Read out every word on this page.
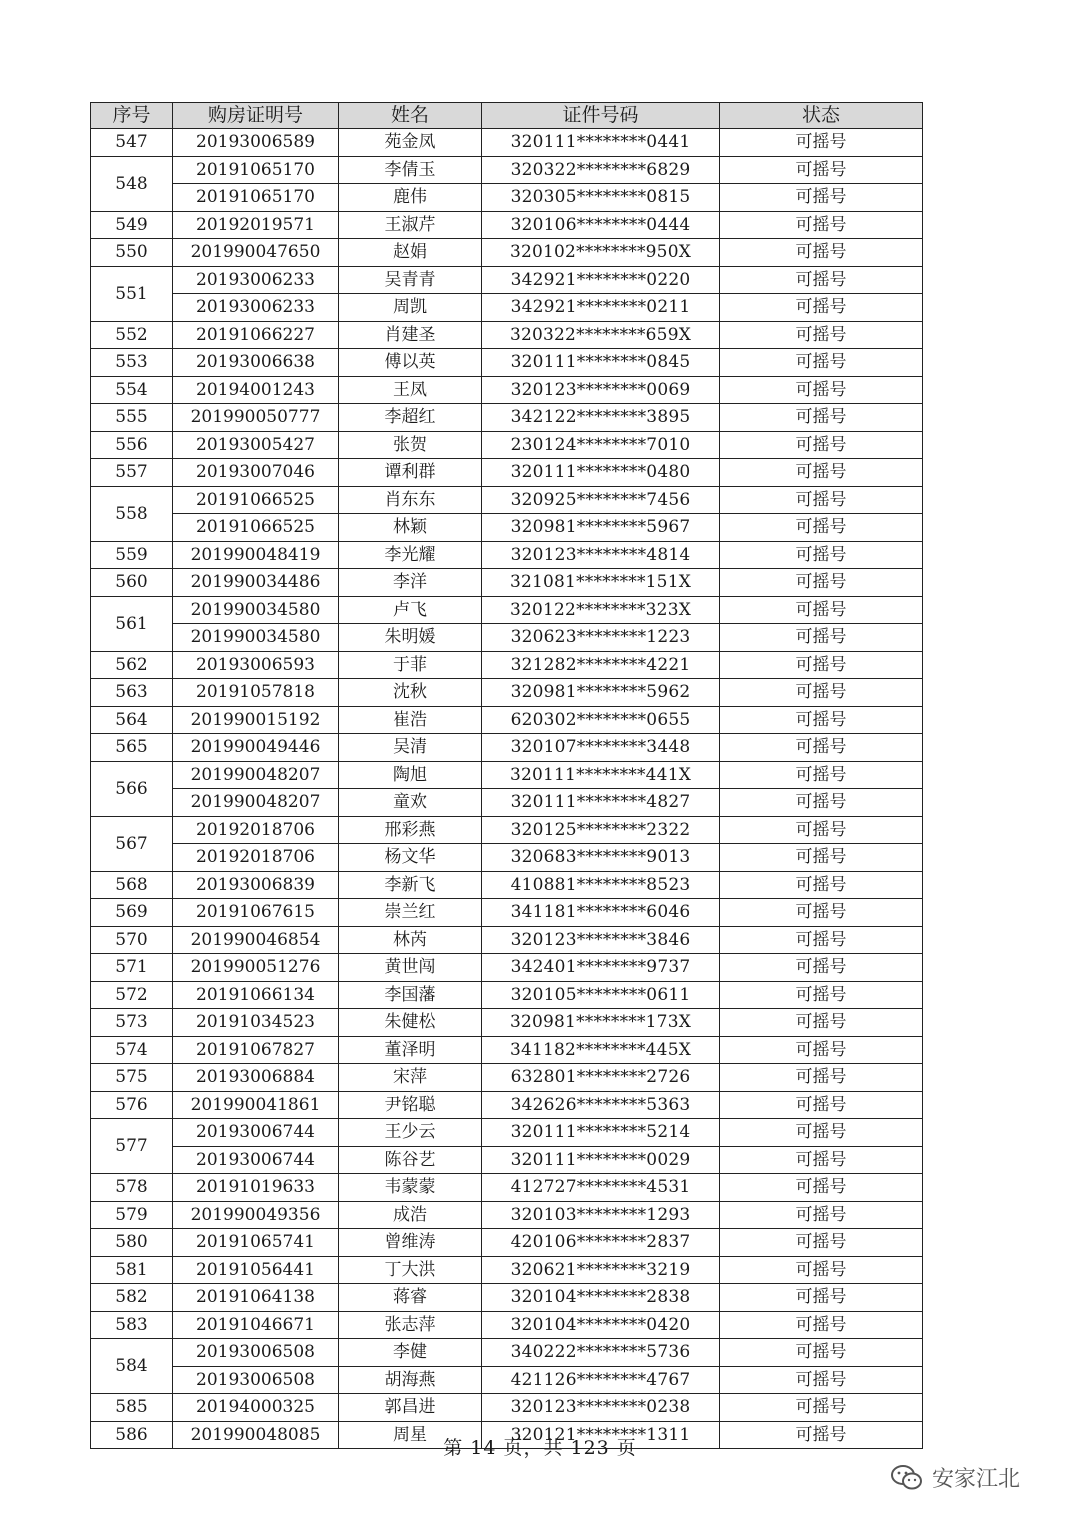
序号	购房证明号	姓名	证件号码	状态
547	20193006589	苑金凤	320111********0441	可摇号
548	20191065170	李倩玉	320322********6829	可摇号
	20191065170	鹿伟	320305********0815	可摇号
549	20192019571	王淑芹	320106********0444	可摇号
550	201990047650	赵娟	320102********950X	可摇号
551	20193006233	吴青青	342921********0220	可摇号
	20193006233	周凯	342921********0211	可摇号
552	20191066227	肖建圣	320322********659X	可摇号
553	20193006638	傅以英	320111********0845	可摇号
554	20194001243	王凤	320123********0069	可摇号
555	201990050777	李超红	342122********3895	可摇号
556	20193005427	张贺	230124********7010	可摇号
557	20193007046	谭利群	320111********0480	可摇号
558	20191066525	肖东东	320925********7456	可摇号
	20191066525	林颖	320981********5967	可摇号
559	201990048419	李光耀	320123********4814	可摇号
560	201990034486	李洋	321081********151X	可摇号
561	201990034580	卢飞	320122********323X	可摇号
	201990034580	朱明媛	320623********1223	可摇号
562	20193006593	于菲	321282********4221	可摇号
563	20191057818	沈秋	320981********5962	可摇号
564	201990015192	崔浩	620302********0655	可摇号
565	201990049446	吴清	320107********3448	可摇号
566	201990048207	陶旭	320111********441X	可摇号
	201990048207	童欢	320111********4827	可摇号
567	20192018706	邢彩燕	320125********2322	可摇号
	20192018706	杨文华	320683********9013	可摇号
568	20193006839	李新飞	410881********8523	可摇号
569	20191067615	崇兰红	341181********6046	可摇号
570	201990046854	林芮	320123********3846	可摇号
571	201990051276	黄世闯	342401********9737	可摇号
572	20191066134	李国藩	320105********0611	可摇号
573	20191034523	朱健松	320981********173X	可摇号
574	20191067827	董泽明	341182********445X	可摇号
575	20193006884	宋萍	632801********2726	可摇号
576	201990041861	尹铭聪	342626********5363	可摇号
577	20193006744	王少云	320111********5214	可摇号
	20193006744	陈谷艺	320111********0029	可摇号
578	20191019633	韦蒙蒙	412727********4531	可摇号
579	201990049356	成浩	320103********1293	可摇号
580	20191065741	曾维涛	420106********2837	可摇号
581	20191056441	丁大洪	320621********3219	可摇号
582	20191064138	蒋睿	320104********2838	可摇号
583	20191046671	张志萍	320104********0420	可摇号
584	20193006508	李健	340222********5736	可摇号
	20193006508	胡海燕	421126********4767	可摇号
585	20194000325	郭昌进	320123********0238	可摇号
586	201990048085	周星	320121********1311	可摇号
第 14 页，共 123 页
安家江北
